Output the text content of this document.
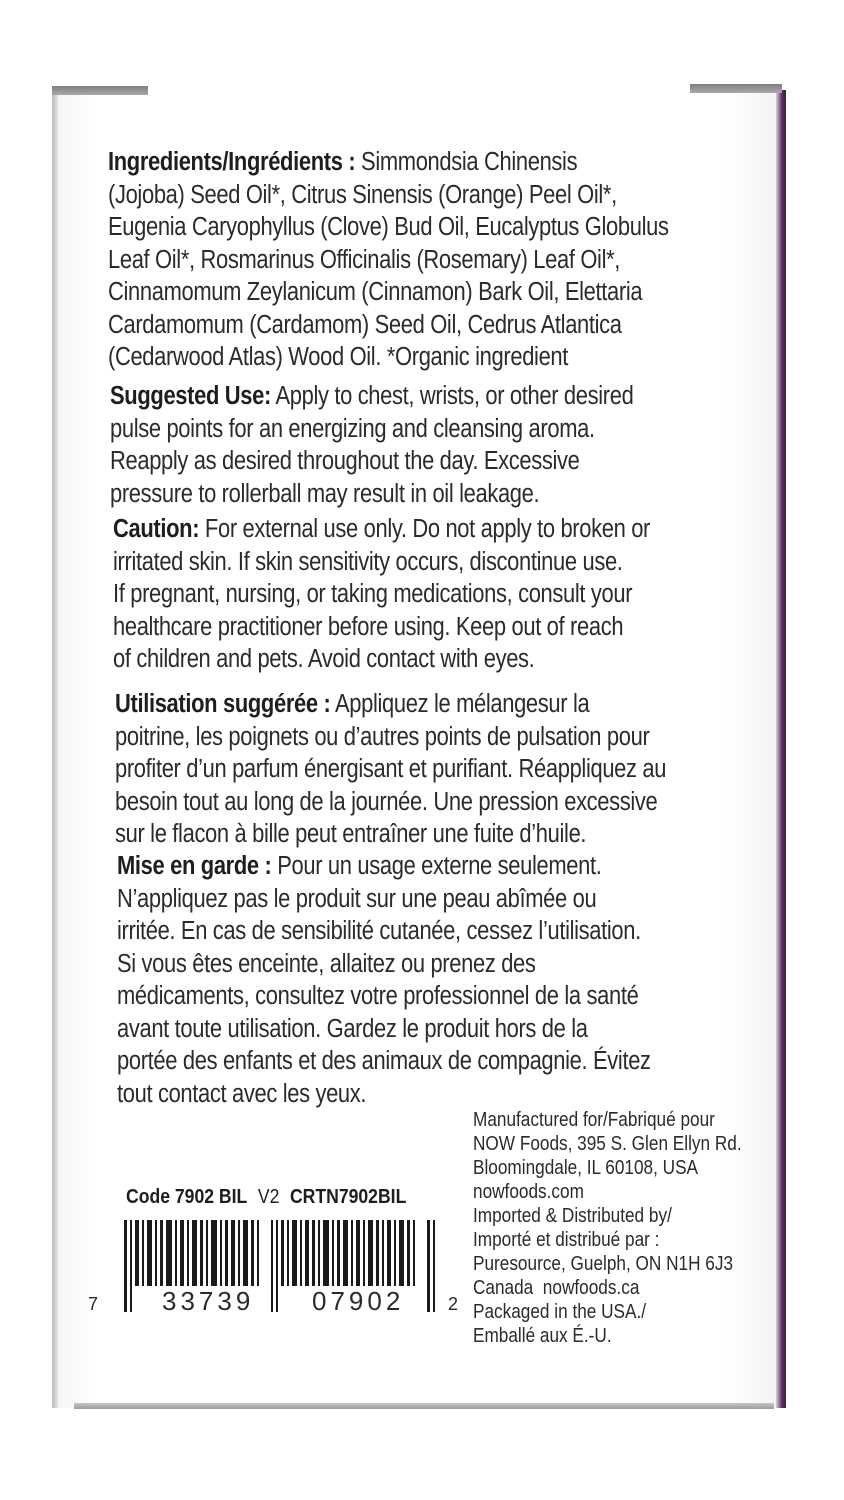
Ingredients/Ingrédients : Simmondsia Chinensis

(Jojoba) Seed Oil*, Citrus Sinensis (Orange) Peel Oil*,

Eugenia Caryophyllus (Clove) Bud Oil, Eucalyptus Globulus

Leaf Oil*, Rosmarinus Officinalis (Rosemary) Leaf Oil*,

Cinnamomum Zeylanicum (Cinnamon) Bark Oil, Elettaria

Cardamomum (Cardamom) Seed Oil, Cedrus Atlantica

(Cedarwood Atlas) Wood Oil. *Organic ingredient

Suggested Use: Apply to chest, wrists, or other desired

pulse points for an energizing and cleansing aroma.

Reapply as desired throughout the day. Excessive

pressure to rollerball may result in oil leakage.

Caution: For external use only. Do not apply to broken or

irritated skin. If skin sensitivity occurs, discontinue use.

If pregnant, nursing, or taking medications, consult your

healthcare practitioner before using. Keep out of reach

of children and pets. Avoid contact with eyes.

Utilisation suggérée : Appliquez le mélangesur la

poitrine, les poignets ou d’autres points de pulsation pour

profiter d’un parfum énergisant et purifiant. Réappliquez au

besoin tout au long de la journée. Une pression excessive

sur le flacon à bille peut entraîner une fuite d’huile.

Mise en garde : Pour un usage externe seulement.

N’appliquez pas le produit sur une peau abîmée ou

irritée. En cas de sensibilité cutanée, cessez l’utilisation.

Si vous êtes enceinte, allaitez ou prenez des

médicaments, consultez votre professionnel de la santé

avant toute utilisation. Gardez le produit hors de la

portée des enfants et des animaux de compagnie. Évitez

tout contact avec les yeux.

Code 7902 BIL V2 CRTN7902BIL
7 33739 07902 2
Manufactured for/Fabriqué pour
NOW Foods, 395 S. Glen Ellyn Rd.
Bloomingdale, IL 60108, USA
nowfoods.com
Imported & Distributed by/
Importé et distribué par :
Puresource, Guelph, ON N1H 6J3
Canada  nowfoods.ca
Packaged in the USA./
Emballé aux É.-U.
